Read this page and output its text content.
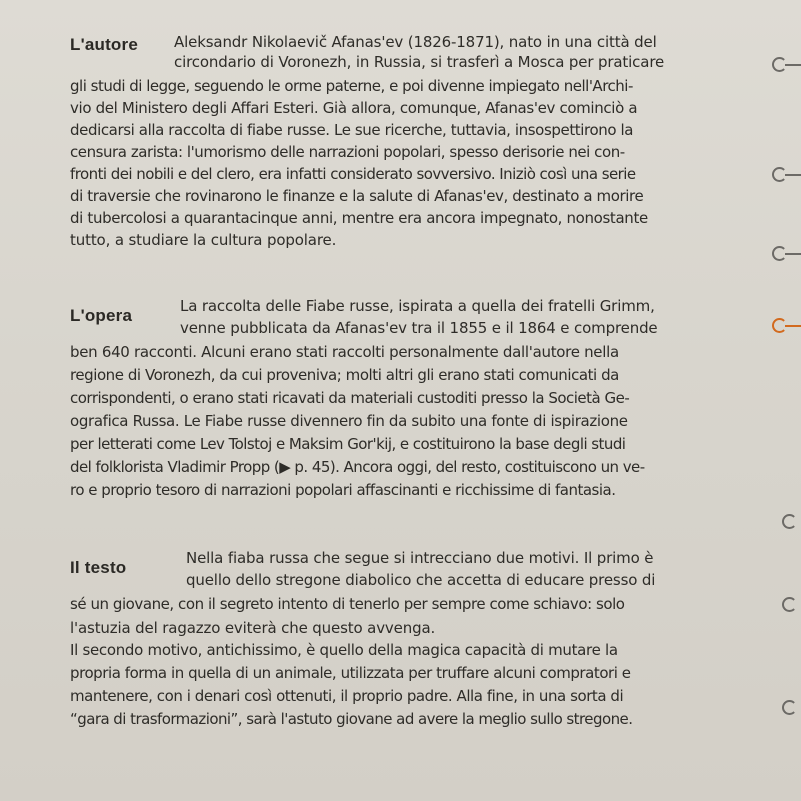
L'autore Aleksandr Nikolaevič Afanas'ev (1826-1871), nato in una città del
circondario di Voronezh, in Russia, si trasferì a Mosca per praticare
gli studi di legge, seguendo le orme paterne, e poi divenne impiegato nell'Archi-
vio del Ministero degli Affari Esteri. Già allora, comunque, Afanas'ev cominciò a
dedicarsi alla raccolta di fiabe russe. Le sue ricerche, tuttavia, insospettirono la
censura zarista: l'umorismo delle narrazioni popolari, spesso derisorie nei con-
fronti dei nobili e del clero, era infatti considerato sovversivo. Iniziò così una serie
di traversie che rovinarono le finanze e la salute di Afanas'ev, destinato a morire
di tubercolosi a quarantacinque anni, mentre era ancora impegnato, nonostante
tutto, a studiare la cultura popolare.
L'opera	La raccolta delle Fiabe russe, ispirata a quella dei fratelli Grimm,
venne pubblicata da Afanas'ev tra il 1855 e il 1864 e comprende
ben 640 racconti. Alcuni erano stati raccolti personalmente dall'autore nella
regione di Voronezh, da cui proveniva; molti altri gli erano stati comunicati da
corrispondenti, o erano stati ricavati da materiali custoditi presso la Società Ge-
ografica Russa. Le Fiabe russe divennero fin da subito una fonte di ispirazione
per letterati come Lev Tolstoj e Maksim Gor'kij, e costituirono la base degli studi
del folklorista Vladimir Propp (▶ p. 45). Ancora oggi, del resto, costituiscono un ve-
ro e proprio tesoro di narrazioni popolari affascinanti e ricchissime di fantasia.
Il testo	Nella fiaba russa che segue si intrecciano due motivi. Il primo è
quello dello stregone diabolico che accetta di educare presso di
sé un giovane, con il segreto intento di tenerlo per sempre come schiavo: solo
l'astuzia del ragazzo eviterà che questo avvenga.
Il secondo motivo, antichissimo, è quello della magica capacità di mutare la
propria forma in quella di un animale, utilizzata per truffare alcuni compratori e
mantenere, con i denari così ottenuti, il proprio padre. Alla fine, in una sorta di
“gara di trasformazioni”, sarà l'astuto giovane ad avere la meglio sullo stregone.
